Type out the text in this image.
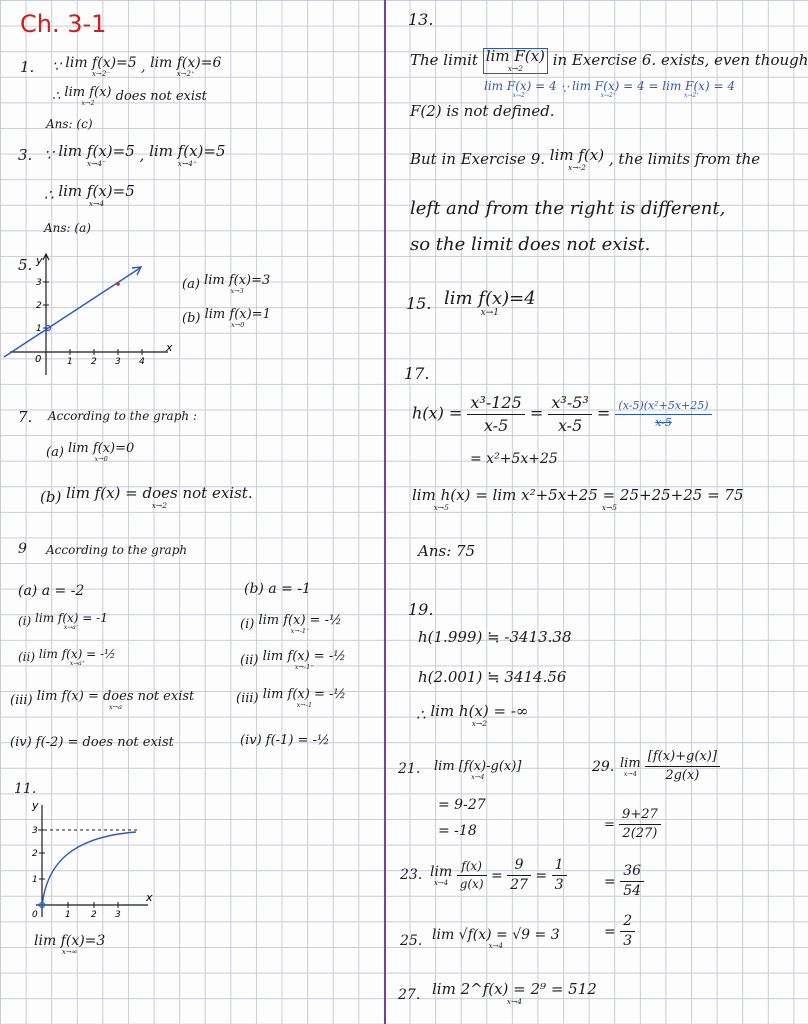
Ch. 3-1
1. ∵ lim f(x)=5
x→2⁻	, lim f(x)=6
x→2⁺
∴ lim f(x)
x→2	does not exist
Ans: (c)
3. ∵ lim f(x)=5
x→4⁻	, lim f(x)=5
x→4⁺
∴ lim f(x)=5
x→4
Ans: (a)
5. y
x
0	1 2 3 4
1
2
3	(a) lim f(x)=3
x→3
(b) lim f(x)=1
x→0
7. According to the graph :
(a) lim f(x)=0
x→0
(b) lim f(x) = does not exist.
x→2
9 According to the graph
(a) a = -2	(b) a = -1
(i) lim f(x) = -1
x→a⁻
(ii) lim f(x) = -½
x→a⁺
(iii) lim f(x) = does not exist
x→a
(iv) f(-2) = does not exist
(i) lim f(x) = -½
x→-1⁻
(ii) lim f(x) = -½
x→-1⁺
(iii) lim f(x) = -½
x→-1
(iv) f(-1) = -½
11.
y
x
0	1 2 3
1
2
3
lim f(x)=3
x→∞
13.
The limit lim F(x)
x→2	in Exercise 6. exists, even though
lim F(x) = 4
x→2⁻	∵ lim F(x) = 4
x→2⁺

= lim F(x) = 4
x→2⁺
F(2) is not defined.
But in Exercise 9. lim f(x)
x→-2	, the limits from the
left and from the right is different,
so the limit does not exist.
15. lim f(x)=4
x→1
17.
$h(x) = \frac{\text{x³-125}}{x-5} = \frac{\text{x³-5³}}{x-5} = \frac{\text{(x-5)(x²+5x+25)}}{x-5}$
= x²+5x+25
lim h(x)
x→5

= lim x²+5x+25 = 25+25+25 = 75
x→5
Ans: 75
19.
h(1.999) ≒ -3413.38
h(2.001) ≒ 3414.56
∴ lim h(x) = -∞
x→2
21. lim [f(x)-g(x)]
x→4
= 9-27
= -18
23. lim
x→4
$\frac{f(x)}{g(x)} = \frac{9}{27} = \frac{1}{3}$
25. lim √f(x) = √9 = 3
x→4
27. lim 2^f(x) = 2⁹ = 512
x→4
29. lim
x→4
$\frac{[f(x)+g(x)]}{2g(x)}$
= $\frac{9+27}{2(27)}$
= $\frac{36}{54}$
= $\frac{2}{3}$
